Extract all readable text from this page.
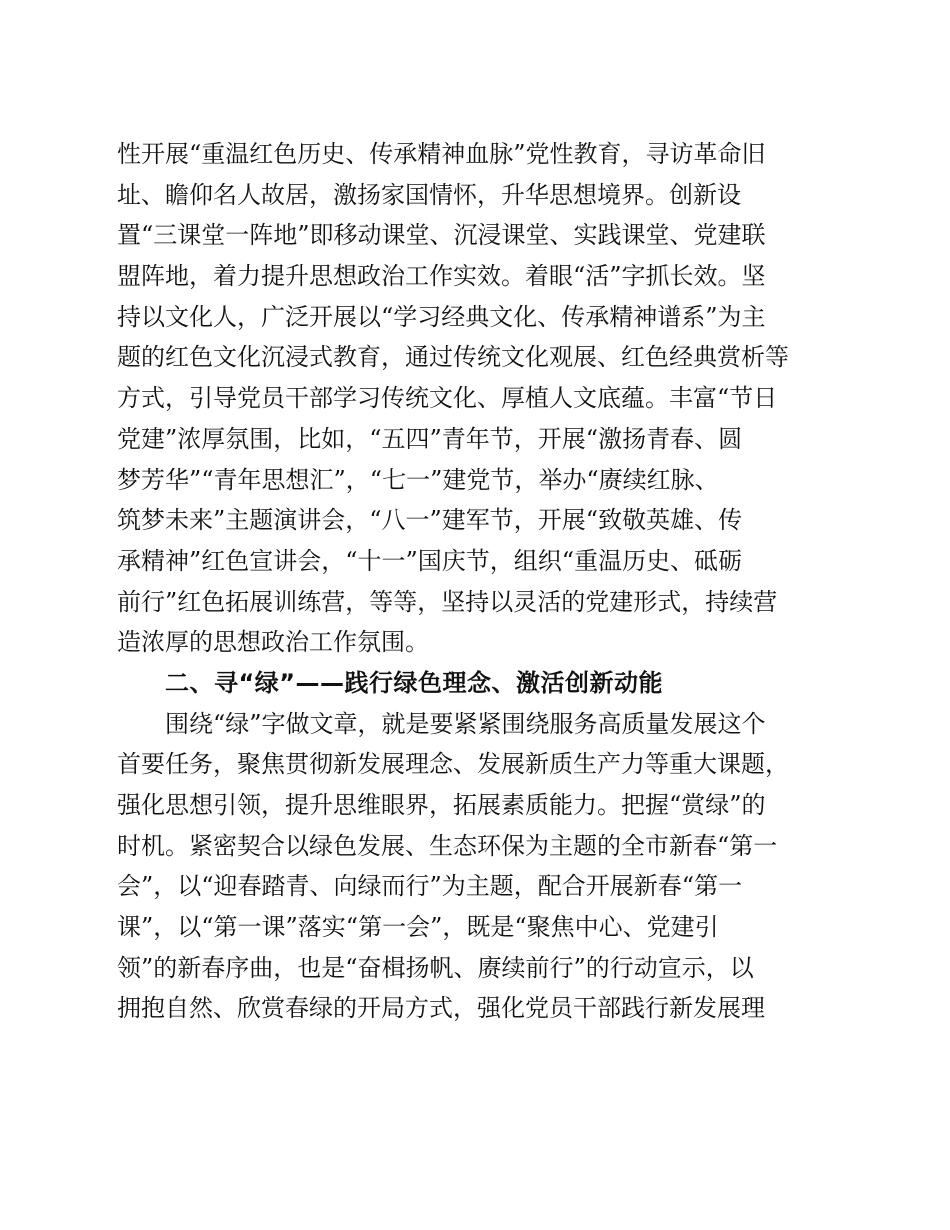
性开展“重温红色历史、传承精神血脉”党性教育，寻访革命旧
址、瞻仰名人故居，激扬家国情怀，升华思想境界。创新设
置“三课堂一阵地”即移动课堂、沉浸课堂、实践课堂、党建联
盟阵地，着力提升思想政治工作实效。着眼“活”字抓长效。坚
持以文化人，广泛开展以“学习经典文化、传承精神谱系”为主
题的红色文化沉浸式教育，通过传统文化观展、红色经典赏析等
方式，引导党员干部学习传统文化、厚植人文底蕴。丰富“节日
党建”浓厚氛围，比如，“五四”青年节，开展“激扬青春、圆
梦芳华”“青年思想汇”，“七一”建党节，举办“赓续红脉、
筑梦未来”主题演讲会，“八一”建军节，开展“致敬英雄、传
承精神”红色宣讲会，“十一”国庆节，组织“重温历史、砥砺
前行”红色拓展训练营，等等，坚持以灵活的党建形式，持续营
造浓厚的思想政治工作氛围。
二、寻“绿”——践行绿色理念、激活创新动能
围绕“绿”字做文章，就是要紧紧围绕服务高质量发展这个
首要任务，聚焦贯彻新发展理念、发展新质生产力等重大课题，
强化思想引领，提升思维眼界，拓展素质能力。把握“赏绿”的
时机。紧密契合以绿色发展、生态环保为主题的全市新春“第一
会”，以“迎春踏青、向绿而行”为主题，配合开展新春“第一
课”，以“第一课”落实“第一会”，既是“聚焦中心、党建引
领”的新春序曲，也是“奋楫扬帆、赓续前行”的行动宣示，以
拥抱自然、欣赏春绿的开局方式，强化党员干部践行新发展理
